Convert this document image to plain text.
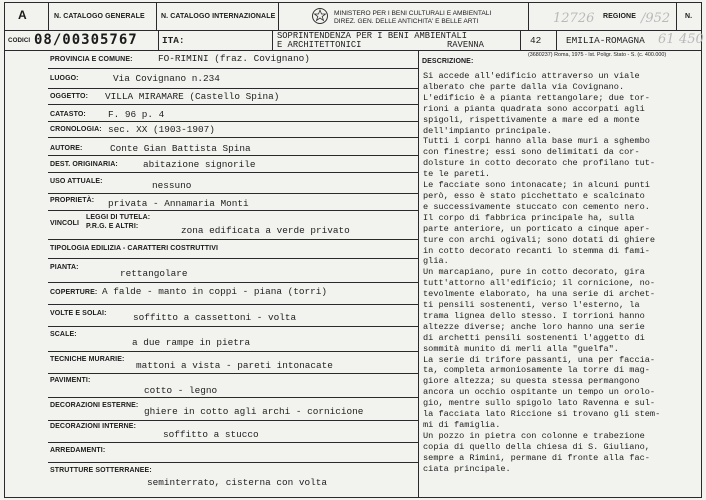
A	N. CATALOGO GENERALE N. CATALOGO INTERNAZIONALE	MINISTERO PER I BENI CULTURALI E AMBIENTALI
DIREZ. GEN. DELLE ANTICHITA' E BELLE ARTI	12726 REGIONE /952 N.
CODICI 08/00305767	ITA:	SOPRINTENDENZA PER I BENI AMBIENTALI
E ARCHITETTONICI	RAVENNA	42	EMILIA-ROMAGNA 61 450
(3680237) Roma, 1975 - Ist. Poligr. Stato - S. (c. 400.000)
PROVINCIA E COMUNE:	FO-RIMINI (fraz. Covignano)
LUOGO:	Via Covignano n.234
OGGETTO: VILLA MIRAMARE (Castello Spina)
CATASTO: F. 96 p. 4
CRONOLOGIA: sec. XX (1903-1907)
AUTORE:	Conte Gian Battista Spina
DEST. ORIGINARIA:	abitazione signorile
USO ATTUALE:	nessuno
PROPRIETÀ: privata - Annamaria Monti
VINCOLI
LEGGI DI TUTELA:
P.R.G. E ALTRI:	zona edificata a verde privato
TIPOLOGIA EDILIZIA - CARATTERI COSTRUTTIVI
PIANTA:
rettangolare
COPERTURE: A falde - manto in coppi - piana (torri)
VOLTE E SOLAI:	soffitto a cassettoni - volta
SCALE:
a due rampe in pietra
TECNICHE MURARIE:
mattoni a vista - pareti intonacate
PAVIMENTI:
cotto - legno
DECORAZIONI ESTERNE:
ghiere in cotto agli archi - cornicione
DECORAZIONI INTERNE:
soffitto a stucco
ARREDAMENTI:
STRUTTURE SOTTERRANEE:
seminterrato, cisterna con volta
DESCRIZIONE:
Si accede all'edificio attraverso un viale
alberato che parte dalla via Covignano.
L'edificio è a pianta rettangolare; due tor-
rioni a pianta quadrata sono accorpati agli
spigoli, rispettivamente a mare ed a monte
dell'impianto principale.
Tutti i corpi hanno alla base muri a sghembo
con finestre; essi sono delimitati da cor-
dolsture in cotto decorato che profilano tut-
te le pareti.
Le facciate sono intonacate; in alcuni punti
però, esso è stato picchettato e scalcinato
e successivamente stuccato con cemento nero.
Il corpo di fabbrica principale ha, sulla
parte anteriore, un porticato a cinque aper-
ture con archi ogivali; sono dotati di ghiere
in cotto decorato recanti lo stemma di fami-
glia.
Un marcapiano, pure in cotto decorato, gira
tutt'attorno all'edificio; il cornicione, no-
tevolmente elaborato, ha una serie di archet-
ti pensili sostenenti, verso l'esterno, la
trama lignea dello stesso. I torrioni hanno
altezze diverse; anche loro hanno una serie
di archetti pensili sostenenti l'aggetto di
sommità munito di merli alla "guelfa".
La serie di trifore passanti, una per faccia-
ta, completa armoniosamente la torre di mag-
giore altezza; su questa stessa permangono
ancora un occhio ospitante un tempo un orolo-
gio, mentre sullo spigolo lato Ravenna e sul-
la facciata lato Riccione si trovano gli stem-
mi di famiglia.
Un pozzo in pietra con colonne e trabezione
copia di quello della chiesa di S. Giuliano,
sempre a Rimini, permane di fronte alla fac-
ciata principale.
